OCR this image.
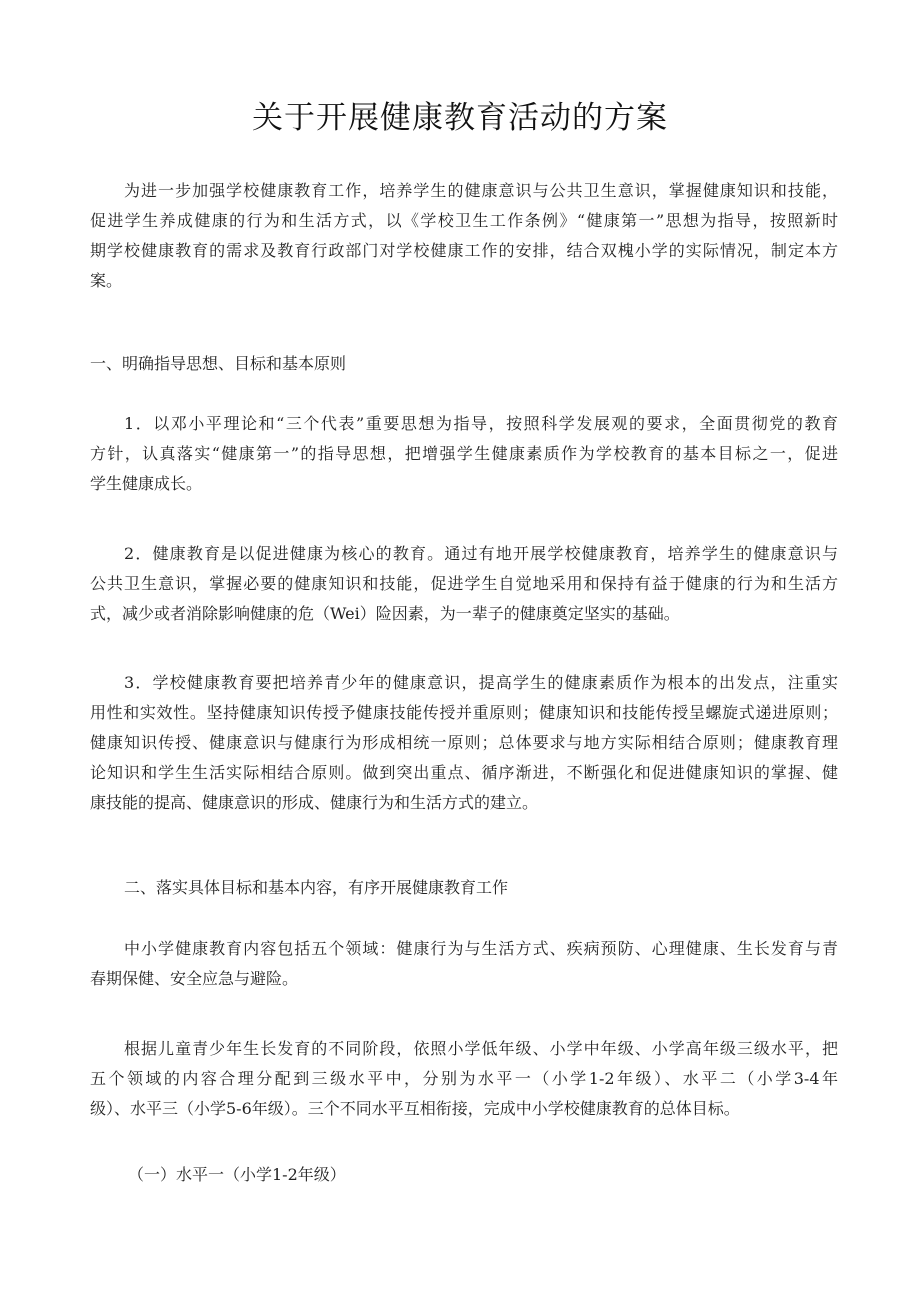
关于开展健康教育活动的方案
为进一步加强学校健康教育工作，培养学生的健康意识与公共卫生意识，掌握健康知识和技能，
促进学生养成健康的行为和生活方式，以《学校卫生工作条例》“健康第一”思想为指导，按照新时
期学校健康教育的需求及教育行政部门对学校健康工作的安排，结合双槐小学的实际情况，制定本方
案。
一、明确指导思想、目标和基本原则
1．以邓小平理论和“三个代表”重要思想为指导，按照科学发展观的要求，全面贯彻党的教育
方针，认真落实“健康第一”的指导思想，把增强学生健康素质作为学校教育的基本目标之一，促进
学生健康成长。
2．健康教育是以促进健康为核心的教育。通过有地开展学校健康教育，培养学生的健康意识与
公共卫生意识，掌握必要的健康知识和技能，促进学生自觉地采用和保持有益于健康的行为和生活方
式，减少或者消除影响健康的危（Wei）险因素，为一辈子的健康奠定坚实的基础。
3．学校健康教育要把培养青少年的健康意识，提高学生的健康素质作为根本的出发点，注重实
用性和实效性。坚持健康知识传授予健康技能传授并重原则；健康知识和技能传授呈螺旋式递进原则；
健康知识传授、健康意识与健康行为形成相统一原则；总体要求与地方实际相结合原则；健康教育理
论知识和学生生活实际相结合原则。做到突出重点、循序渐进，不断强化和促进健康知识的掌握、健
康技能的提高、健康意识的形成、健康行为和生活方式的建立。
二、落实具体目标和基本内容，有序开展健康教育工作
中小学健康教育内容包括五个领域：健康行为与生活方式、疾病预防、心理健康、生长发育与青
春期保健、安全应急与避险。
根据儿童青少年生长发育的不同阶段，依照小学低年级、小学中年级、小学高年级三级水平，把
五个领域的内容合理分配到三级水平中，分别为水平一（小学1-2年级）、水平二（小学3-4年
级）、水平三（小学5-6年级）。三个不同水平互相衔接，完成中小学校健康教育的总体目标。
（一）水平一（小学1-2年级）
